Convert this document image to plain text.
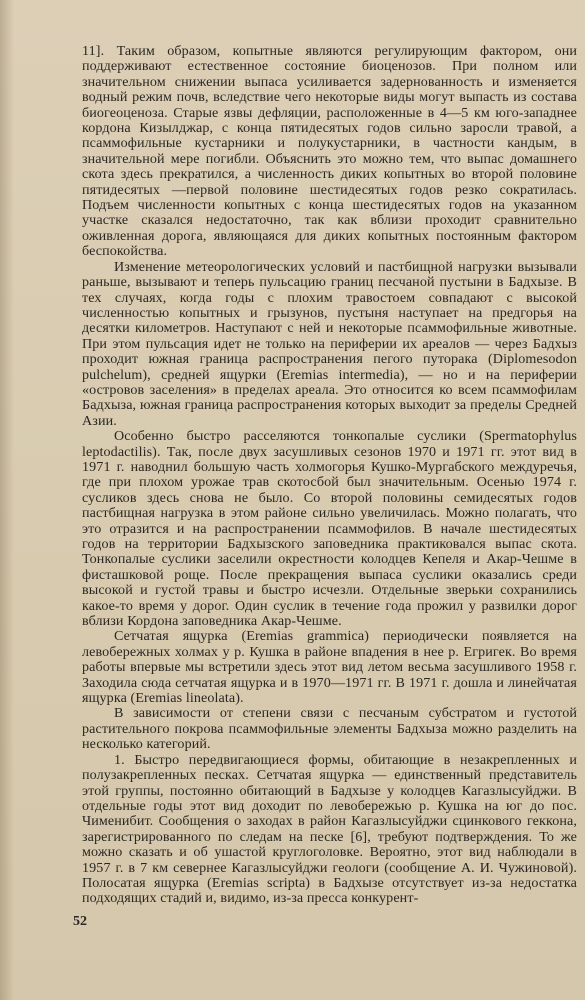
11]. Таким образом, копытные являются регулирующим фактором, они поддерживают естественное состояние биоценозов. При полном или значительном снижении выпаса усиливается задернованность и изменяется водный режим почв, вследствие чего некоторые виды могут выпасть из состава биогеоценоза. Старые язвы дефляции, расположенные в 4—5 км юго-западнее кордона Кизылджар, с конца пятидесятых годов сильно заросли травой, а псаммофильные кустарники и полукустарники, в частности кандым, в значительной мере погибли. Объяснить это можно тем, что выпас домашнего скота здесь прекратился, а численность диких копытных во второй половине пятидесятых —первой половине шестидесятых годов резко сократилась. Подъем численности копытных с конца шестидесятых годов на указанном участке сказался недостаточно, так как вблизи проходит сравнительно оживленная дорога, являющаяся для диких копытных постоянным фактором беспокойства.

Изменение метеорологических условий и пастбищной нагрузки вызывали раньше, вызывают и теперь пульсацию границ песчаной пустыни в Бадхызе. В тех случаях, когда годы с плохим травостоем совпадают с высокой численностью копытных и грызунов, пустыня наступает на предгорья на десятки километров. Наступают с ней и некоторые псаммофильные животные. При этом пульсация идет не только на периферии их ареалов — через Бадхыз проходит южная граница распространения пегого путорака (Diplomesodon pulchelum), средней ящурки (Eremias intermedia), — но и на периферии «островов заселения» в пределах ареала. Это относится ко всем псаммофилам Бадхыза, южная граница распространения которых выходит за пределы Средней Азии.

Особенно быстро расселяются тонкопалые суслики (Spermatophylus leptodactilis). Так, после двух засушливых сезонов 1970 и 1971 гг. этот вид в 1971 г. наводнил большую часть холмогорья Кушко-Мургабского междуречья, где при плохом урожае трав скотосбой был значительным. Осенью 1974 г. сусликов здесь снова не было. Со второй половины семидесятых годов пастбищная нагрузка в этом районе сильно увеличилась. Можно полагать, что это отразится и на распространении псаммофилов. В начале шестидесятых годов на территории Бадхызского заповедника практиковался выпас скота. Тонкопалые суслики заселили окрестности колодцев Кепеля и Акар-Чешме в фисташковой роще. После прекращения выпаса суслики оказались среди высокой и густой травы и быстро исчезли. Отдельные зверьки сохранились какое-то время у дорог. Один суслик в течение года прожил у развилки дорог вблизи Кордона заповедника Акар-Чешме.

Сетчатая ящурка (Eremias grammica) периодически появляется на левобережных холмах у р. Кушка в районе впадения в нее р. Егригек. Во время работы впервые мы встретили здесь этот вид летом весьма засушливого 1958 г. Заходила сюда сетчатая ящурка и в 1970—1971 гг. В 1971 г. дошла и линейчатая ящурка (Eremias lineolata).

В зависимости от степени связи с песчаным субстратом и густотой растительного покрова псаммофильные элементы Бадхыза можно разделить на несколько категорий.

1. Быстро передвигающиеся формы, обитающие в незакрепленных и полузакрепленных песках. Сетчатая ящурка — единственный представитель этой группы, постоянно обитающий в Бадхызе у колодцев Кагазлысуйджи. В отдельные годы этот вид доходит по левобережью р. Кушка на юг до пос. Чименибит. Сообщения о заходах в район Кагазлысуйджи сцинкового геккона, зарегистрированного по следам на песке [6], требуют подтверждения. То же можно сказать и об ушастой круглоголовке. Вероятно, этот вид наблюдали в 1957 г. в 7 км севернее Кагазлысуйджи геологи (сообщение А. И. Чужиновой). Полосатая ящурка (Eremias scripta) в Бадхызе отсутствует из-за недостатка подходящих стадий и, видимо, из-за пресса конкурент-

52
